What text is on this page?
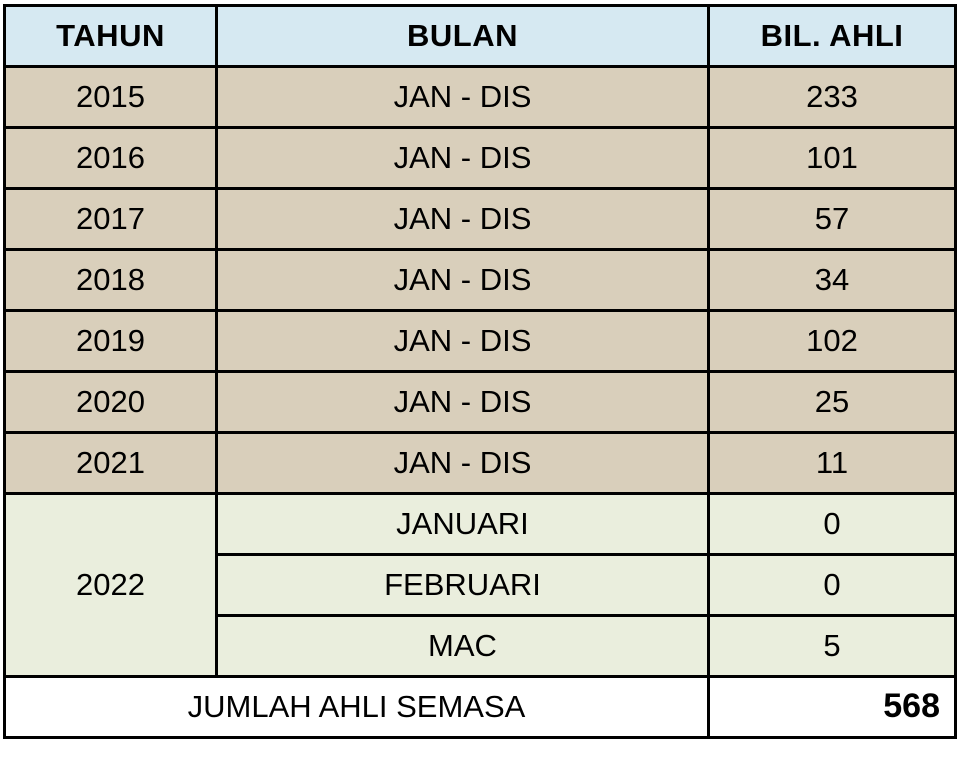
TAHUN	BULAN	BIL. AHLI
2015	JAN - DIS	233
2016	JAN - DIS	101
2017	JAN - DIS	57
2018	JAN - DIS	34
2019	JAN - DIS	102
2020	JAN - DIS	25
2021	JAN - DIS	11
2022	JANUARI	0
	FEBRUARI	0
	MAC	5
JUMLAH AHLI SEMASA		568
